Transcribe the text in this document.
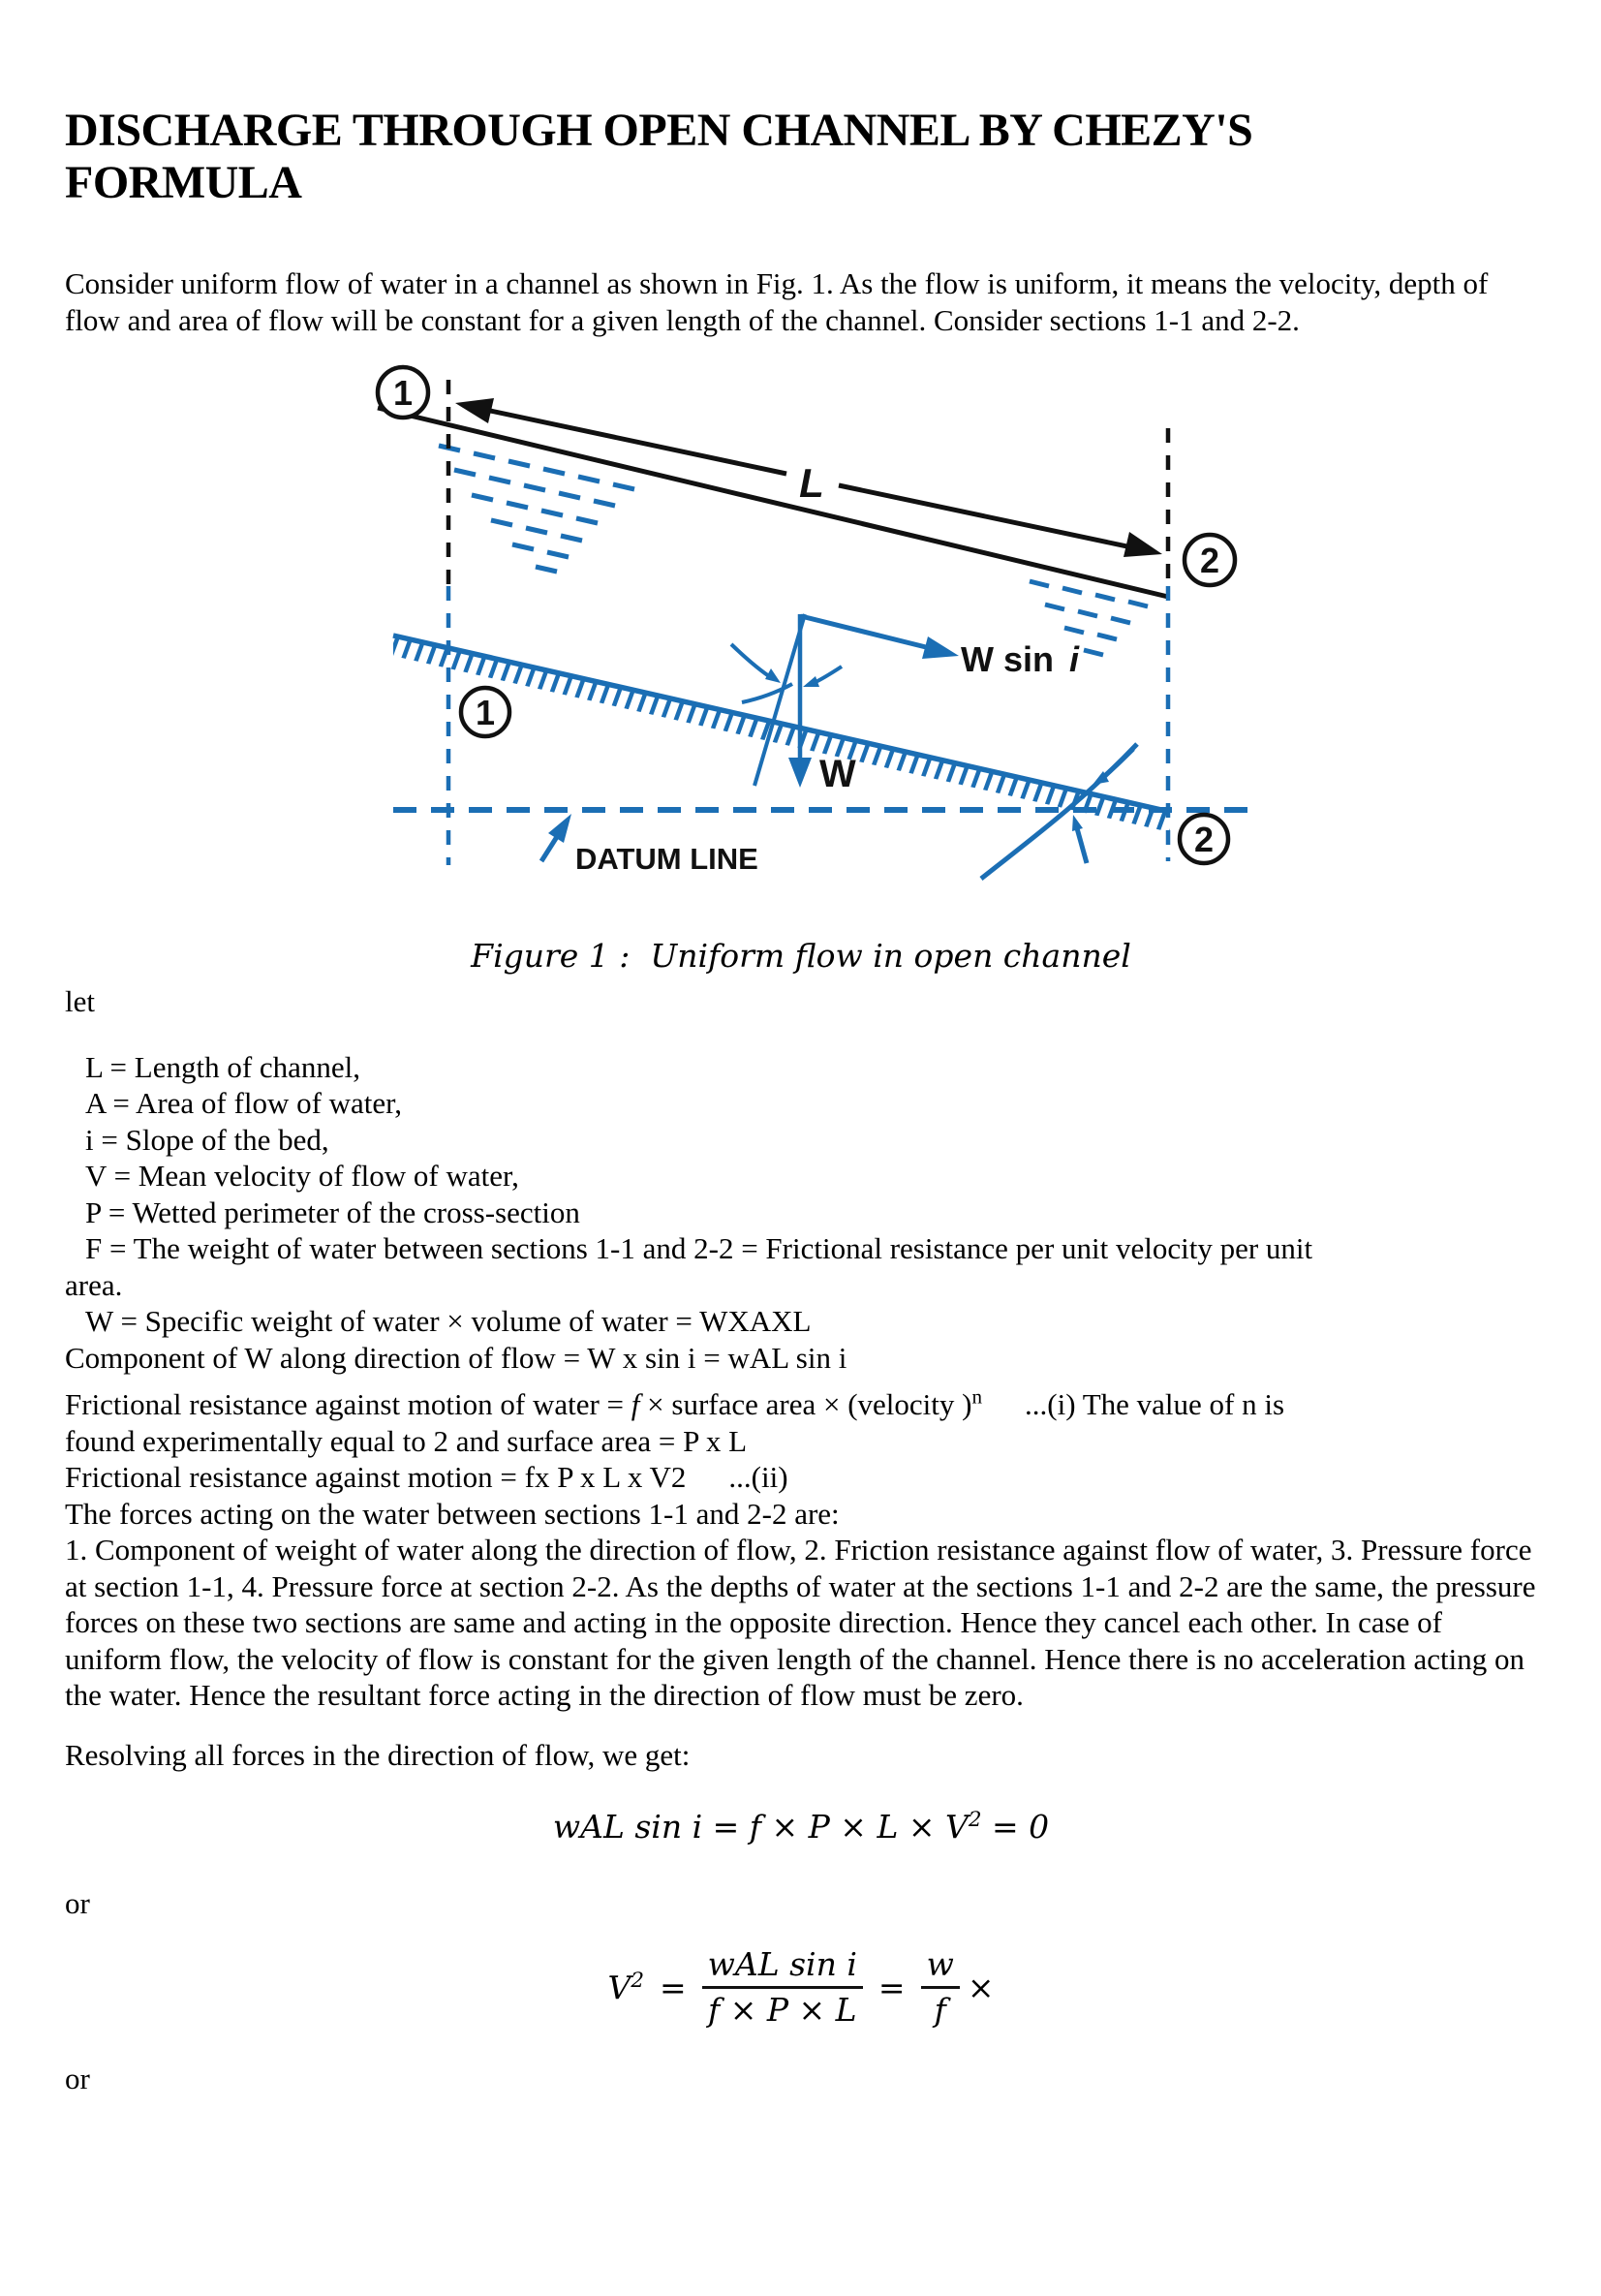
DISCHARGE THROUGH OPEN CHANNEL BY CHEZY'S
FORMULA
Consider uniform flow of water in a channel as shown in Fig. 1. As the flow is uniform, it means the velocity, depth of flow and area of flow will be constant for a given length of the channel. Consider sections 1-1 and 2-2.
L
1
1
2
2
W sin i
W
DATUM LINE
Figure 1 :  Uniform flow in open channel
let
L = Length of channel,
A = Area of flow of water,
i = Slope of the bed,
V = Mean velocity of flow of water,
P = Wetted perimeter of the cross-section
F = The weight of water between sections 1-1 and 2-2 = Frictional resistance per unit velocity per unit
area.
W = Specific weight of water × volume of water = WXAXL
Component of W along direction of flow = W x sin i = wAL sin i
Frictional resistance against motion of water = f × surface area × (velocity )$^n$ ...(i) The value of n is
found experimentally equal to 2 and surface area = P x L
Frictional resistance against motion = fx P x L x V2 ...(ii)
The forces acting on the water between sections 1-1 and 2-2 are:
1. Component of weight of water along the direction of flow, 2. Friction resistance against flow of water, 3. Pressure force at section 1-1, 4. Pressure force at section 2-2. As the depths of water at the sections 1-1 and 2-2 are the same, the pressure forces on these two sections are same and acting in the opposite direction. Hence they cancel each other. In case of uniform flow, the velocity of flow is constant for the given length of the channel. Hence there is no acceleration acting on the water. Hence the resultant force acting in the direction of flow must be zero.
Resolving all forces in the direction of flow, we get:
wAL $\sin i = f \times P \times L \times V^2 = 0$
or
$V^2 = \frac{\text{wAL sin i}}{f \times P \times L} = \frac{w}{f}$ ×
or
